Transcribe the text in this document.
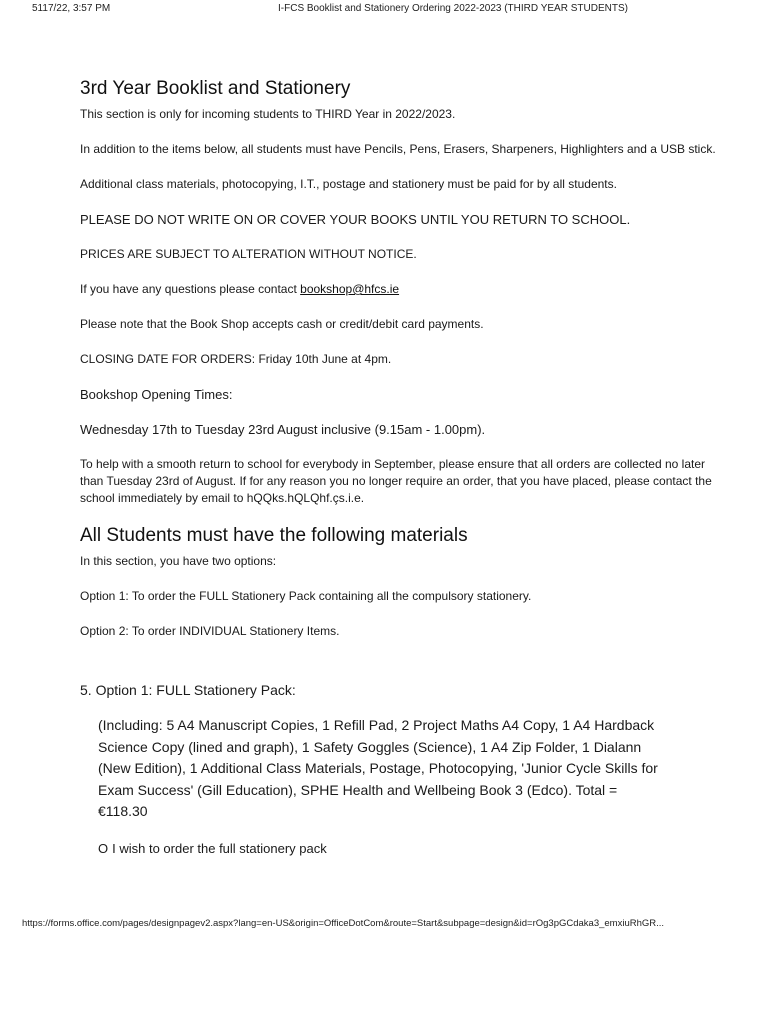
5117/22, 3:57 PM	I-FCS Booklist and Stationery Ordering 2022-2023 (THIRD YEAR STUDENTS)
3rd Year Booklist and Stationery

This section is only for incoming students to THIRD Year in 2022/2023.

In addition to the items below, all students must have Pencils, Pens, Erasers, Sharpeners, Highlighters and a USB stick.

Additional class materials, photocopying, I.T., postage and stationery must be paid for by all students.

PLEASE DO NOT WRITE ON OR COVER YOUR BOOKS UNTIL YOU RETURN TO SCHOOL.

PRICES ARE SUBJECT TO ALTERATION WITHOUT NOTICE.

If you have any questions please contact bookshop@hfcs.ie

Please note that the Book Shop accepts cash or credit/debit card payments.

CLOSING DATE FOR ORDERS: Friday 10th June at 4pm.

Bookshop Opening Times:

Wednesday 17th to Tuesday 23rd August inclusive (9.15am - 1.00pm).

To help with a smooth return to school for everybody in September, please ensure that all orders are collected no later than Tuesday 23rd of August. If for any reason you no longer require an order, that you have placed, please contact the school immediately by email to hQQks.hQLQhf.çs.i.e.

All Students must have the following materials

In this section, you have two options:

Option 1: To order the FULL Stationery Pack containing all the compulsory stationery.

Option 2: To order INDIVIDUAL Stationery Items.

5. Option 1: FULL Stationery Pack:

(Including: 5 A4 Manuscript Copies, 1 Refill Pad, 2 Project Maths A4 Copy, 1 A4 Hardback Science Copy (lined and graph), 1 Safety Goggles (Science), 1 A4 Zip Folder, 1 Dialann (New Edition), 1 Additional Class Materials, Postage, Photocopying, 'Junior Cycle Skills for Exam Success' (Gill Education), SPHE Health and Wellbeing Book 3 (Edco). Total = €118.30

O I wish to order the full stationery pack
https://forms.office.com/pages/designpagev2.aspx?lang=en-US&origin=OfficeDotCom&route=Start&subpage=design&id=rOg3pGCdaka3_emxiuRhGR...
